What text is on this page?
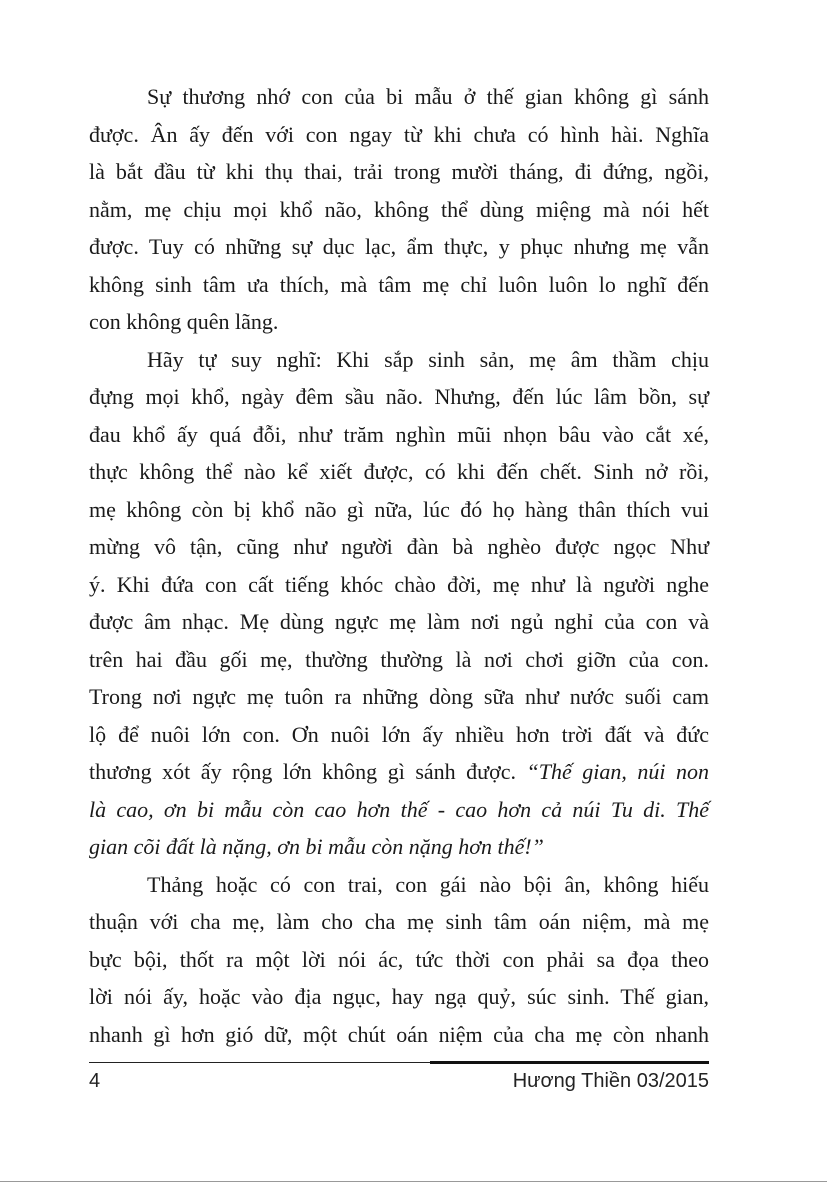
Sự thương nhớ con của bi mẫu ở thế gian không gì sánh
được. Ân ấy đến với con ngay từ khi chưa có hình hài. Nghĩa
là bắt đầu từ khi thụ thai, trải trong mười tháng, đi đứng, ngồi,
nằm, mẹ chịu mọi khổ não, không thể dùng miệng mà nói hết
được. Tuy có những sự dục lạc, ẩm thực, y phục nhưng mẹ vẫn
không sinh tâm ưa thích, mà tâm mẹ chỉ luôn luôn lo nghĩ đến
con không quên lãng.
Hãy tự suy nghĩ: Khi sắp sinh sản, mẹ âm thầm chịu
đựng mọi khổ, ngày đêm sầu não. Nhưng, đến lúc lâm bồn, sự
đau khổ ấy quá đỗi, như trăm nghìn mũi nhọn bâu vào cắt xé,
thực không thể nào kể xiết được, có khi đến chết. Sinh nở rồi,
mẹ không còn bị khổ não gì nữa, lúc đó họ hàng thân thích vui
mừng vô tận, cũng như người đàn bà nghèo được ngọc Như
ý. Khi đứa con cất tiếng khóc chào đời, mẹ như là người nghe
được âm nhạc. Mẹ dùng ngực mẹ làm nơi ngủ nghỉ của con và
trên hai đầu gối mẹ, thường thường là nơi chơi giỡn của con.
Trong nơi ngực mẹ tuôn ra những dòng sữa như nước suối cam
lộ để nuôi lớn con. Ơn nuôi lớn ấy nhiều hơn trời đất và đức
thương xót ấy rộng lớn không gì sánh được. “Thế gian, núi non
là cao, ơn bi mẫu còn cao hơn thế - cao hơn cả núi Tu di. Thế
gian cõi đất là nặng, ơn bi mẫu còn nặng hơn thế!”
Thảng hoặc có con trai, con gái nào bội ân, không hiếu
thuận với cha mẹ, làm cho cha mẹ sinh tâm oán niệm, mà mẹ
bực bội, thốt ra một lời nói ác, tức thời con phải sa đọa theo
lời nói ấy, hoặc vào địa ngục, hay ngạ quỷ, súc sinh. Thế gian,
nhanh gì hơn gió dữ, một chút oán niệm của cha mẹ còn nhanh
4	Hương Thiền 03/2015
